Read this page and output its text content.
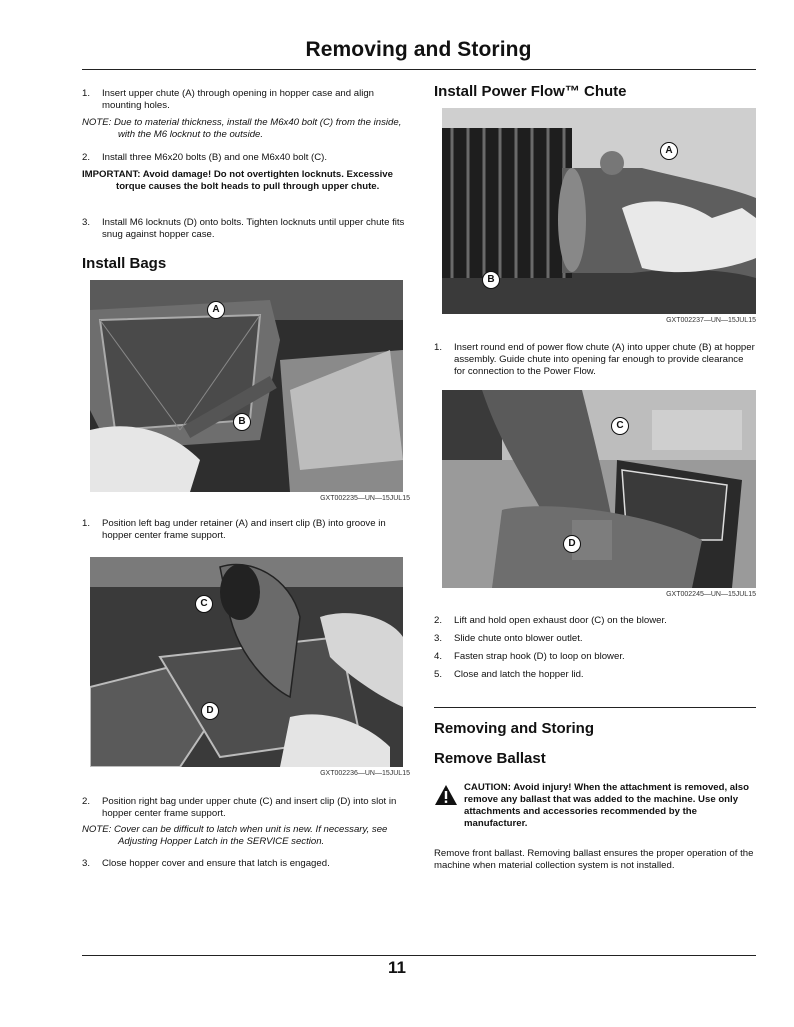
Removing and Storing
1. Insert upper chute (A) through opening in hopper case and align mounting holes.
NOTE: Due to material thickness, install the M6x40 bolt (C) from the inside, with the M6 locknut to the outside.
2. Install three M6x20 bolts (B) and one M6x40 bolt (C).
IMPORTANT: Avoid damage! Do not overtighten locknuts. Excessive torque causes the bolt heads to pull through upper chute.
3. Install M6 locknuts (D) onto bolts. Tighten locknuts until upper chute fits snug against hopper case.
Install Bags
A
B
GXT002235—UN—15JUL15
1. Position left bag under retainer (A) and insert clip (B) into groove in hopper center frame support.
C
D
GXT002236—UN—15JUL15
2. Position right bag under upper chute (C) and insert clip (D) into slot in hopper center frame support.
NOTE: Cover can be difficult to latch when unit is new. If necessary, see Adjusting Hopper Latch in the SERVICE section.
3. Close hopper cover and ensure that latch is engaged.
Install Power Flow™ Chute
A
B
GXT002237—UN—15JUL15
1. Insert round end of power flow chute (A) into upper chute (B) at hopper assembly. Guide chute into opening far enough to provide clearance for connection to the Power Flow.
C
D
GXT002245—UN—15JUL15
2. Lift and hold open exhaust door (C) on the blower.
3. Slide chute onto blower outlet.
4. Fasten strap hook (D) to loop on blower.
5. Close and latch the hopper lid.
Removing and Storing
Remove Ballast
CAUTION: Avoid injury! When the attachment is removed, also remove any ballast that was added to the machine. Use only attachments and accessories recommended by the manufacturer.
Remove front ballast. Removing ballast ensures the proper operation of the machine when material collection system is not installed.
11
